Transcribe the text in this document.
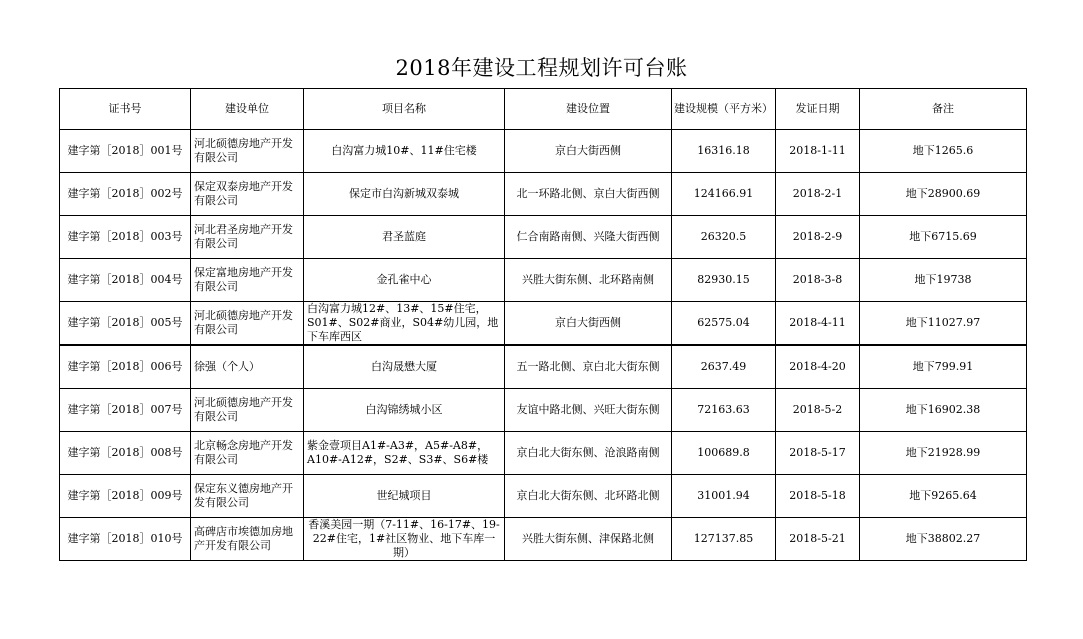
2018年建设工程规划许可台账
证书号	建设单位	项目名称	建设位置	建设规模（平方米）	发证日期	备注
建字第［2018］001号	河北硕德房地产开发有限公司	白沟富力城10#、11#住宅楼	京白大街西侧	16316.18	2018-1-11	地下1265.6
建字第［2018］002号	保定双泰房地产开发有限公司	保定市白沟新城双泰城	北一环路北侧、京白大街西侧	124166.91	2018-2-1	地下28900.69
建字第［2018］003号	河北君圣房地产开发有限公司	君圣蓝庭	仁合南路南侧、兴隆大街西侧	26320.5	2018-2-9	地下6715.69
建字第［2018］004号	保定富地房地产开发有限公司	金孔雀中心	兴胜大街东侧、北环路南侧	82930.15	2018-3-8	地下19738
建字第［2018］005号	河北硕德房地产开发有限公司	白沟富力城12#、13#、15#住宅，S01#、S02#商业，S04#幼儿园，地下车库西区	京白大街西侧	62575.04	2018-4-11	地下11027.97
建字第［2018］006号	徐强（个人）	白沟晟懋大厦	五一路北侧、京白北大街东侧	2637.49	2018-4-20	地下799.91
建字第［2018］007号	河北硕德房地产开发有限公司	白沟锦绣城小区	友谊中路北侧、兴旺大街东侧	72163.63	2018-5-2	地下16902.38
建字第［2018］008号	北京畅念房地产开发有限公司	紫金壹项目A1#-A3#，A5#-A8#，A10#-A12#，S2#、S3#、S6#楼	京白北大街东侧、沧浪路南侧	100689.8	2018-5-17	地下21928.99
建字第［2018］009号	保定东义德房地产开发有限公司	世纪城项目	京白北大街东侧、北环路北侧	31001.94	2018-5-18	地下9265.64
建字第［2018］010号	高碑店市埃德加房地产开发有限公司	香溪美园一期（7-11#、16-17#、19-22#住宅，1#社区物业、地下车库一期）	兴胜大街东侧、津保路北侧	127137.85	2018-5-21	地下38802.27
